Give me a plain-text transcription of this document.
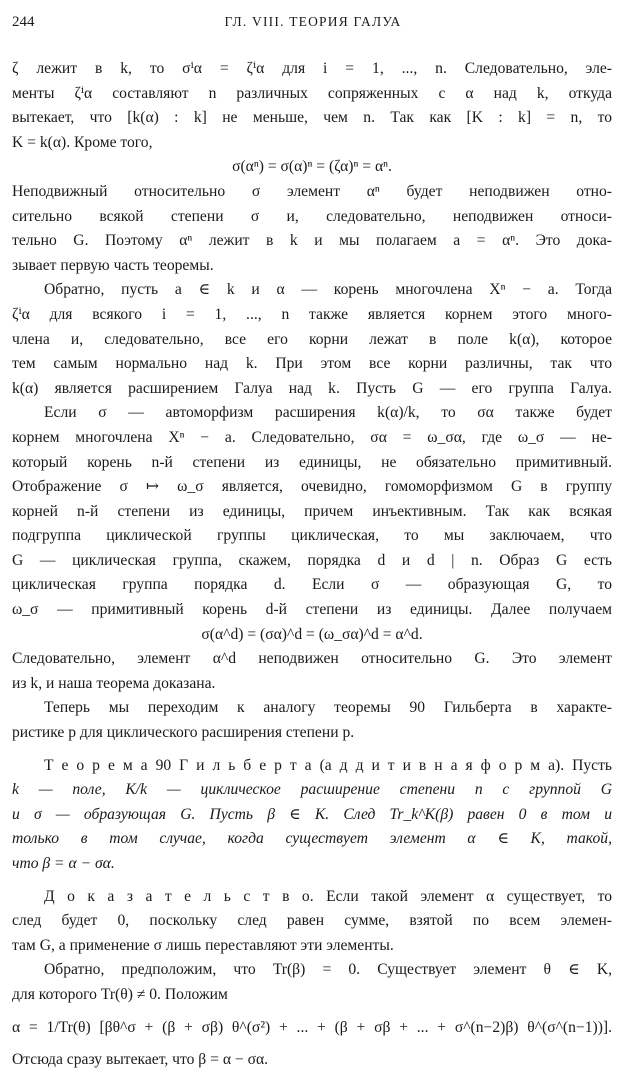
244	ГЛ. VIII. ТЕОРИЯ ГАЛУА
ζ лежит в k, то σⁱα = ζⁱα для i = 1, ..., n. Следовательно, эле-
менты ζⁱα составляют n различных сопряженных с α над k, откуда
вытекает, что [k(α) : k] не меньше, чем n. Так как [K : k] = n, то
K = k(α). Кроме того,
σ(αⁿ) = σ(α)ⁿ = (ζα)ⁿ = αⁿ.
Неподвижный относительно σ элемент αⁿ будет неподвижен отно-
сительно всякой степени σ и, следовательно, неподвижен относи-
тельно G. Поэтому αⁿ лежит в k и мы полагаем a = αⁿ. Это дока-
зывает первую часть теоремы.
Обратно, пусть a ∈ k и α — корень многочлена Xⁿ − a. Тогда
ζⁱα для всякого i = 1, ..., n также является корнем этого много-
члена и, следовательно, все его корни лежат в поле k(α), которое
тем самым нормально над k. При этом все корни различны, так что
k(α) является расширением Галуа над k. Пусть G — его группа Галуа.
Если σ — автоморфизм расширения k(α)/k, то σα также будет
корнем многочлена Xⁿ − a. Следовательно, σα = ω_σα, где ω_σ — не-
который корень n-й степени из единицы, не обязательно примитивный.
Отображение σ ↦ ω_σ является, очевидно, гомоморфизмом G в группу
корней n-й степени из единицы, причем инъективным. Так как всякая
подгруппа циклической группы циклическая, то мы заключаем, что
G — циклическая группа, скажем, порядка d и d | n. Образ G есть
циклическая группа порядка d. Если σ — образующая G, то
ω_σ — примитивный корень d-й степени из единицы. Далее получаем
σ(α^d) = (σα)^d = (ω_σα)^d = α^d.
Следовательно, элемент α^d неподвижен относительно G. Это элемент
из k, и наша теорема доказана.
Теперь мы переходим к аналогу теоремы 90 Гильберта в характе-
ристике p для циклического расширения степени p.
Т е о р е м а 90 Г и л ь б е р т а (а д д и т и в н а я ф о р м а). Пусть
k — поле, K/k — циклическое расширение степени n с группой G
и σ — образующая G. Пусть β ∈ K. След Tr_k^K(β) равен 0 в том и
только в том случае, когда существует элемент α ∈ K, такой,
что β = α − σα.
Д о к а з а т е л ь с т в о. Если такой элемент α существует, то
след будет 0, поскольку след равен сумме, взятой по всем элемен-
там G, а применение σ лишь переставляют эти элементы.
Обратно, предположим, что Tr(β) = 0. Существует элемент θ ∈ K,
для которого Tr(θ) ≠ 0. Положим
α = 1/Tr(θ) [βθ^σ + (β + σβ) θ^(σ²) + ... + (β + σβ + ... + σ^(n−2)β) θ^(σ^(n−1))].
Отсюда сразу вытекает, что β = α − σα.
